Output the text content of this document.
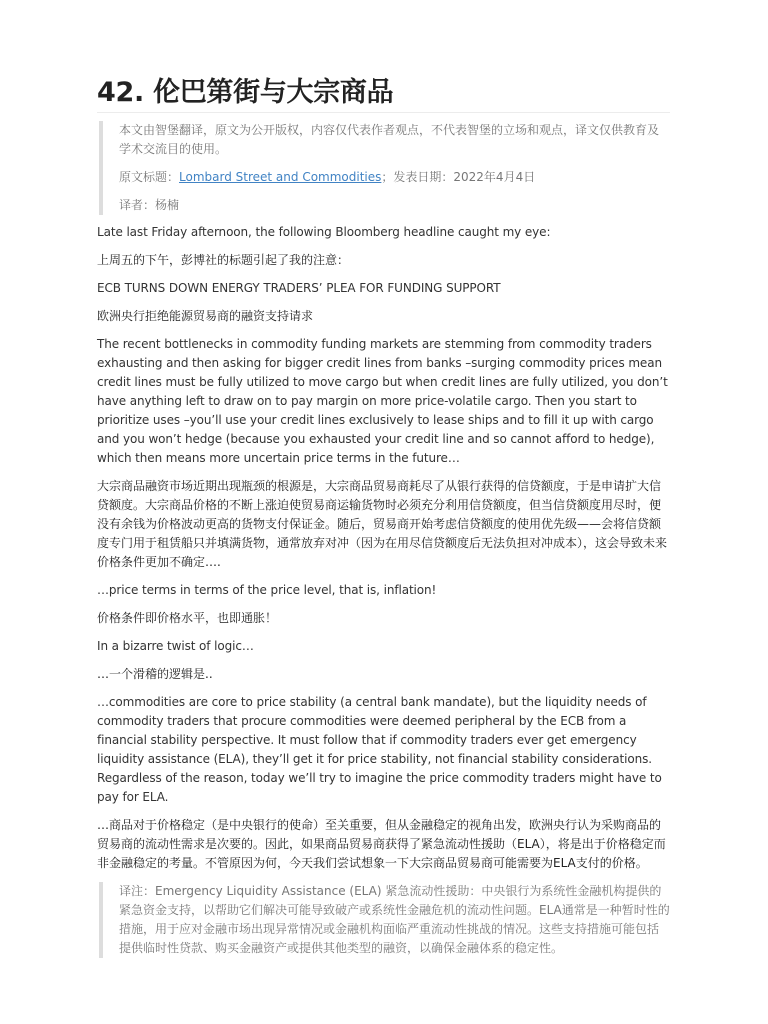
42. 伦巴第街与大宗商品

本文由智堡翻译，原文为公开版权，内容仅代表作者观点，不代表智堡的立场和观点，译文仅供教育及学术交流目的使用。

原文标题：Lombard Street and Commodities；发表日期：2022年4月4日

译者：杨楠

Late last Friday afternoon, the following Bloomberg headline caught my eye:

上周五的下午，彭博社的标题引起了我的注意：

ECB TURNS DOWN ENERGY TRADERS’ PLEA FOR FUNDING SUPPORT

欧洲央行拒绝能源贸易商的融资支持请求

The recent bottlenecks in commodity funding markets are stemming from commodity traders exhausting and then asking for bigger credit lines from banks –surging commodity prices mean credit lines must be fully utilized to move cargo but when credit lines are fully utilized, you don’t have anything left to draw on to pay margin on more price-volatile cargo. Then you start to prioritize uses –you’ll use your credit lines exclusively to lease ships and to fill it up with cargo and you won’t hedge (because you exhausted your credit line and so cannot afford to hedge), which then means more uncertain price terms in the future…

大宗商品融资市场近期出现瓶颈的根源是，大宗商品贸易商耗尽了从银行获得的信贷额度，于是申请扩大信贷额度。大宗商品价格的不断上涨迫使贸易商运输货物时必须充分利用信贷额度，但当信贷额度用尽时，便没有余钱为价格波动更高的货物支付保证金。随后，贸易商开始考虑信贷额度的使用优先级——会将信贷额度专门用于租赁船只并填满货物，通常放弃对冲（因为在用尽信贷额度后无法负担对冲成本），这会导致未来价格条件更加不确定….

…price terms in terms of the price level, that is, inflation!

价格条件即价格水平，也即通胀！

In a bizarre twist of logic…

…一个滑稽的逻辑是..

…commodities are core to price stability (a central bank mandate), but the liquidity needs of commodity traders that procure commodities were deemed peripheral by the ECB from a financial stability perspective. It must follow that if commodity traders ever get emergency liquidity assistance (ELA), they’ll get it for price stability, not financial stability considerations. Regardless of the reason, today we’ll try to imagine the price commodity traders might have to pay for ELA.

…商品对于价格稳定（是中央银行的使命）至关重要，但从金融稳定的视角出发，欧洲央行认为采购商品的贸易商的流动性需求是次要的。因此，如果商品贸易商获得了紧急流动性援助（ELA），将是出于价格稳定而非金融稳定的考量。不管原因为何，今天我们尝试想象一下大宗商品贸易商可能需要为ELA支付的价格。

译注：Emergency Liquidity Assistance (ELA) 紧急流动性援助：中央银行为系统性金融机构提供的紧急资金支持，以帮助它们解决可能导致破产或系统性金融危机的流动性问题。ELA通常是一种暂时性的措施，用于应对金融市场出现异常情况或金融机构面临严重流动性挑战的情况。这些支持措施可能包括提供临时性贷款、购买金融资产或提供其他类型的融资，以确保金融体系的稳定性。
